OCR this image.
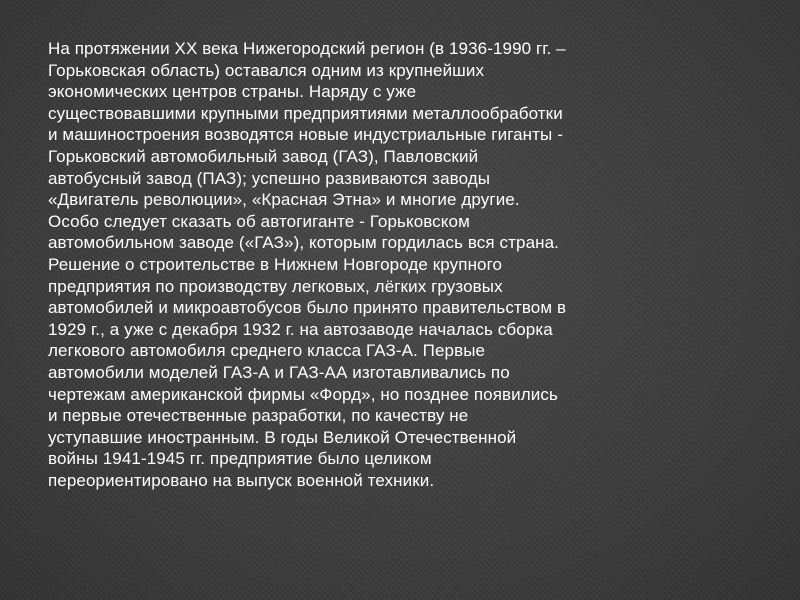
На протяжении XX века Нижегородский регион (в 1936-1990 гг. –
Горьковская область) оставался одним из крупнейших
экономических центров страны. Наряду с уже
существовавшими крупными предприятиями металлообработки
и машиностроения возводятся новые индустриальные гиганты -
Горьковский автомобильный завод (ГАЗ), Павловский
автобусный завод (ПАЗ); успешно развиваются заводы
«Двигатель революции», «Красная Этна» и многие другие.
Особо следует сказать об автогиганте - Горьковском
автомобильном заводе («ГАЗ»), которым гордилась вся страна.
Решение о строительстве в Нижнем Новгороде крупного
предприятия по производству легковых, лёгких грузовых
автомобилей и микроавтобусов было принято правительством в
1929 г., а уже с декабря 1932 г. на автозаводе началась сборка
легкового автомобиля среднего класса ГАЗ-А. Первые
автомобили моделей ГАЗ-А и ГАЗ-АА изготавливались по
чертежам американской фирмы «Форд», но позднее появились
и первые отечественные разработки, по качеству не
уступавшие иностранным. В годы Великой Отечественной
войны 1941-1945 гг. предприятие было целиком
переориентировано на выпуск военной техники.
